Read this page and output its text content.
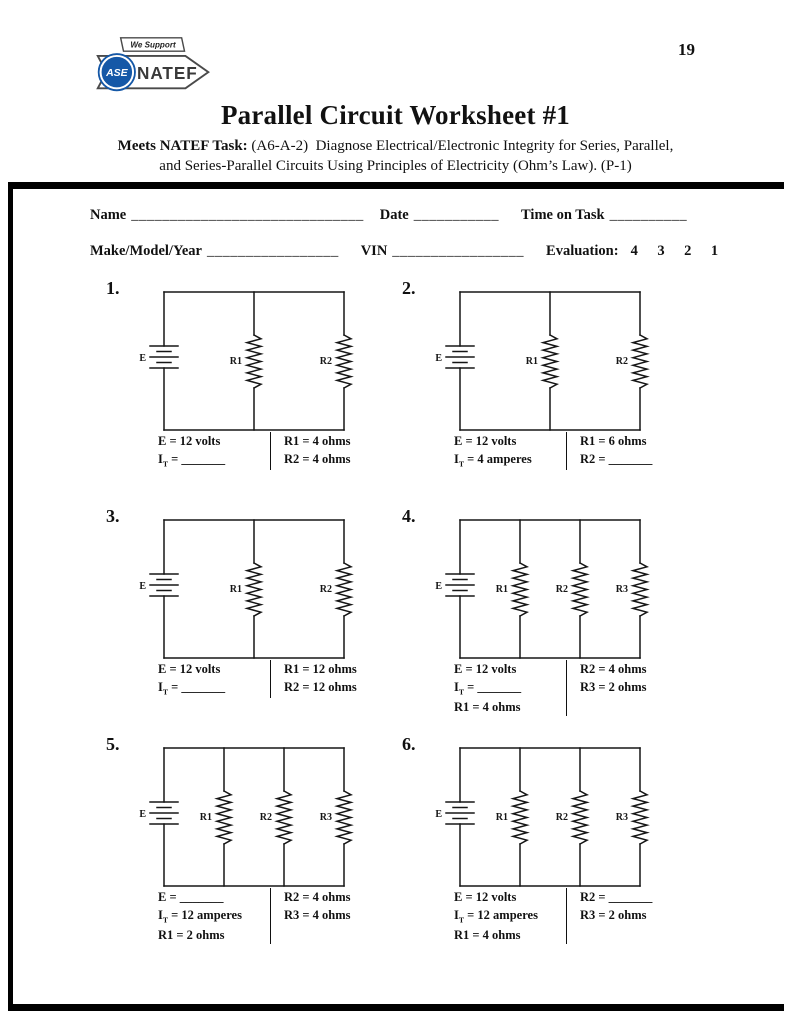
We Support
ASE NATEF
19
Parallel Circuit Worksheet #1
Meets NATEF Task: (A6-A-2)  Diagnose Electrical/Electronic Integrity for Series, Parallel,
and Series-Parallel Circuits Using Principles of Electricity (Ohm’s Law). (P-1)
Name ______________________________ Date ___________ Time on Task __________
Make/Model/Year _________________ VIN _________________ Evaluation: 4    3    2    1
1.
E	R1	R2
E = 12 volts
$I_T$ = _______
R1 = 4 ohms
R2 = 4 ohms
2.
E	R1	R2
E = 12 volts
$I_T = 4$ amperes
R1 = 6 ohms
R2 = _______
3.
E	R1	R2
E = 12 volts
$I_T$ = _______
R1 = 12 ohms
R2 = 12 ohms
4.
E	R1	R2	R3
E = 12 volts
$I_T$ = _______
R1 = 4 ohms
R2 = 4 ohms
R3 = 2 ohms
5.
E	R1	R2	R3
E = _______
$I_T = 12$ amperes
R1 = 2 ohms
R2 = 4 ohms
R3 = 4 ohms
6.
E	R1	R2	R3
E = 12 volts
$I_T = 12$ amperes
R1 = 4 ohms
R2 = _______
R3 = 2 ohms
